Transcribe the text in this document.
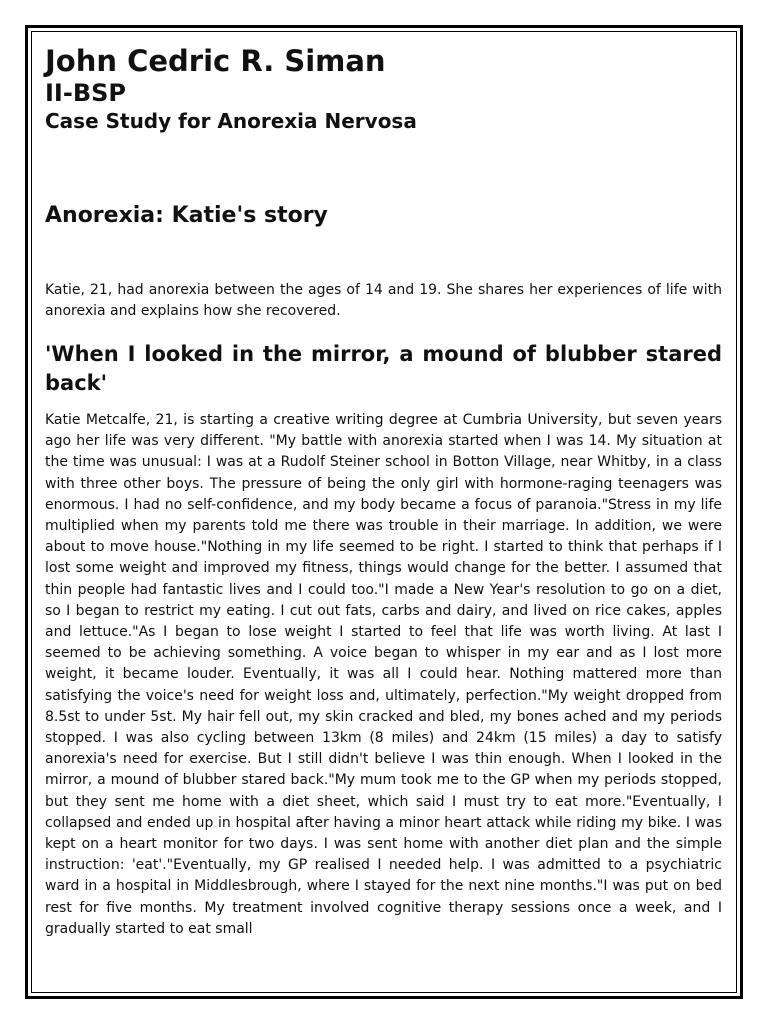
John Cedric R. Siman
II-BSP
Case Study for Anorexia Nervosa
Anorexia: Katie's story

Katie, 21, had anorexia between the ages of 14 and 19. She shares her experiences of life with anorexia and explains how she recovered.

'When I looked in the mirror, a mound of blubber stared back'

Katie Metcalfe, 21, is starting a creative writing degree at Cumbria University, but seven years ago her life was very different. "My battle with anorexia started when I was 14. My situation at the time was unusual: I was at a Rudolf Steiner school in Botton Village, near Whitby, in a class with three other boys. The pressure of being the only girl with hormone-raging teenagers was enormous. I had no self-confidence, and my body became a focus of paranoia."Stress in my life multiplied when my parents told me there was trouble in their marriage. In addition, we were about to move house."Nothing in my life seemed to be right. I started to think that perhaps if I lost some weight and improved my fitness, things would change for the better. I assumed that thin people had fantastic lives and I could too."I made a New Year's resolution to go on a diet, so I began to restrict my eating. I cut out fats, carbs and dairy, and lived on rice cakes, apples and lettuce."As I began to lose weight I started to feel that life was worth living. At last I seemed to be achieving something. A voice began to whisper in my ear and as I lost more weight, it became louder. Eventually, it was all I could hear. Nothing mattered more than satisfying the voice's need for weight loss and, ultimately, perfection."My weight dropped from 8.5st to under 5st. My hair fell out, my skin cracked and bled, my bones ached and my periods stopped. I was also cycling between 13km (8 miles) and 24km (15 miles) a day to satisfy anorexia's need for exercise. But I still didn't believe I was thin enough. When I looked in the mirror, a mound of blubber stared back."My mum took me to the GP when my periods stopped, but they sent me home with a diet sheet, which said I must try to eat more."Eventually, I collapsed and ended up in hospital after having a minor heart attack while riding my bike. I was kept on a heart monitor for two days. I was sent home with another diet plan and the simple instruction: 'eat'."Eventually, my GP realised I needed help. I was admitted to a psychiatric ward in a hospital in Middlesbrough, where I stayed for the next nine months."I was put on bed rest for five months. My treatment involved cognitive therapy sessions once a week, and I gradually started to eat small
